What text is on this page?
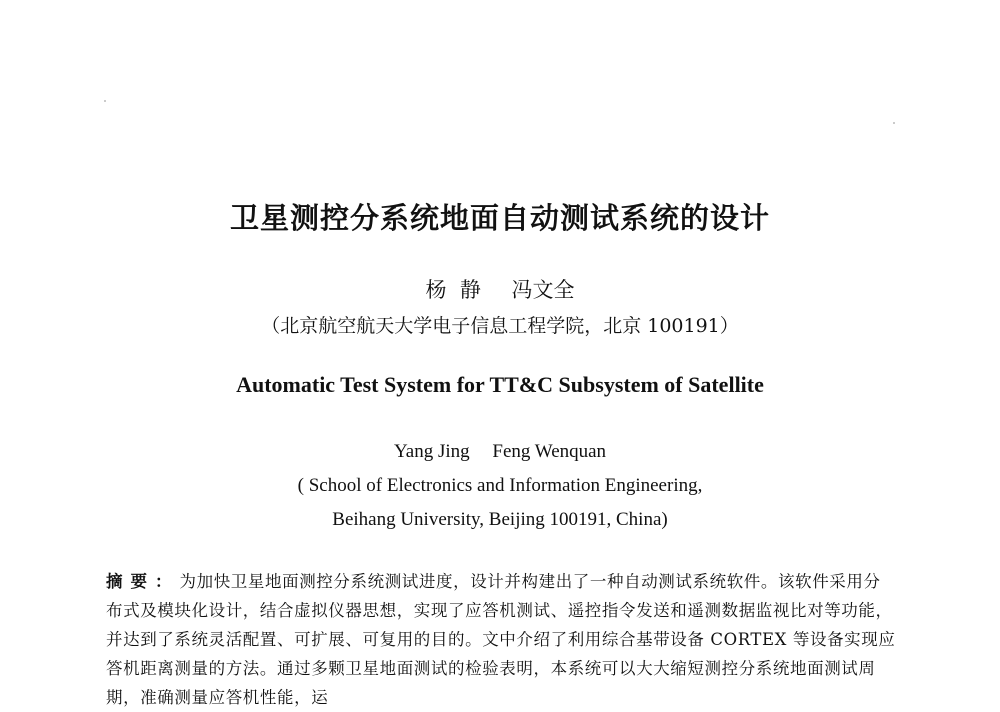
卫星测控分系统地面自动测试系统的设计
杨  静 冯文全
（北京航空航天大学电子信息工程学院，北京 100191）
Automatic Test System for TT&C Subsystem of Satellite
Yang Jing Feng Wenquan
( School of Electronics and Information Engineering,
Beihang University, Beijing 100191, China)
摘要：为加快卫星地面测控分系统测试进度，设计并构建出了一种自动测试系统软件。该软件采用分布式及模块化设计，结合虚拟仪器思想，实现了应答机测试、遥控指令发送和遥测数据监视比对等功能，并达到了系统灵活配置、可扩展、可复用的目的。文中介绍了利用综合基带设备 CORTEX 等设备实现应答机距离测量的方法。通过多颗卫星地面测试的检验表明，本系统可以大大缩短测控分系统地面测试周期，准确测量应答机性能，运
